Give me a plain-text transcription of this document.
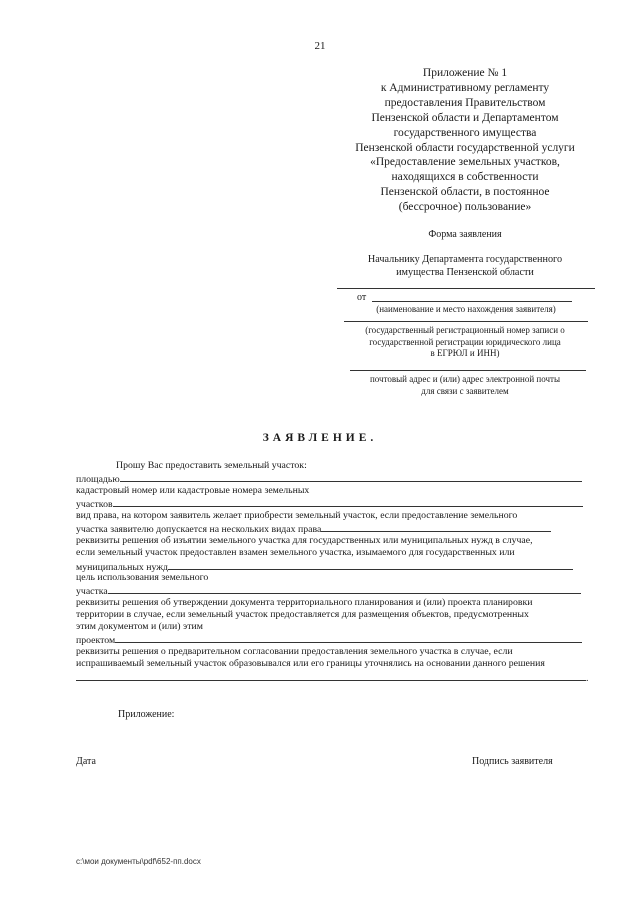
21
Приложение № 1
к Административному регламенту
предоставления Правительством
Пензенской области и Департаментом
государственного имущества
Пензенской области государственной услуги
«Предоставление земельных участков,
находящихся в собственности
Пензенской области, в постоянное
(бессрочное) пользование»
Форма заявления
Начальнику Департамента государственного
имущества Пензенской области
от
(наименование и место нахождения заявителя)
(государственный регистрационный номер записи о
государственной регистрации юридического лица
в ЕГРЮЛ и ИНН)
почтовый адрес и (или) адрес электронной почты
для связи с заявителем
ЗАЯВЛЕНИЕ.
Прошу Вас предоставить земельный участок:
площадью
кадастровый номер или кадастровые номера земельных
участков
вид права, на котором заявитель желает приобрести земельный участок, если предоставление земельного
участка заявителю допускается на нескольких видах права
реквизиты решения об изъятии земельного участка для государственных или муниципальных нужд в случае,
если земельный участок предоставлен взамен земельного участка, изымаемого для государственных или
муниципальных нужд
цель использования земельного
участка
реквизиты решения об утверждении документа территориального планирования и (или) проекта планировки
территории в случае, если земельный участок предоставляется для размещения объектов, предусмотренных
этим документом и (или) этим
проектом
реквизиты решения о предварительном согласовании предоставления земельного участка в случае, если
испрашиваемый земельный участок образовывался или его границы уточнялись на основании данного решения
.
Приложение:
Дата	Подпись заявителя
c:\мои документы\pdf\652-пп.docx
